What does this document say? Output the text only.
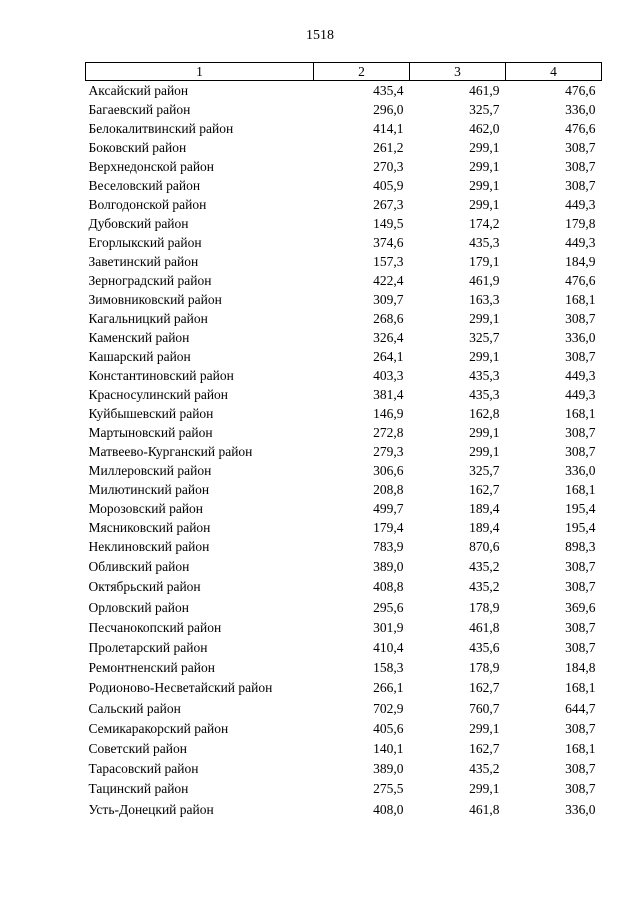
1518
1	2	3	4
Аксайский район	435,4	461,9	476,6
Багаевский район	296,0	325,7	336,0
Белокалитвинский район	414,1	462,0	476,6
Боковский район	261,2	299,1	308,7
Верхнедонской район	270,3	299,1	308,7
Веселовский район	405,9	299,1	308,7
Волгодонской район	267,3	299,1	449,3
Дубовский район	149,5	174,2	179,8
Егорлыкский район	374,6	435,3	449,3
Заветинский район	157,3	179,1	184,9
Зерноградский район	422,4	461,9	476,6
Зимовниковский район	309,7	163,3	168,1
Кагальницкий район	268,6	299,1	308,7
Каменский район	326,4	325,7	336,0
Кашарский район	264,1	299,1	308,7
Константиновский район	403,3	435,3	449,3
Красносулинский район	381,4	435,3	449,3
Куйбышевский район	146,9	162,8	168,1
Мартыновский район	272,8	299,1	308,7
Матвеево-Курганский район	279,3	299,1	308,7
Миллеровский район	306,6	325,7	336,0
Милютинский район	208,8	162,7	168,1
Морозовский район	499,7	189,4	195,4
Мясниковский район	179,4	189,4	195,4
Неклиновский район	783,9	870,6	898,3
Обливский район	389,0	435,2	308,7
Октябрьский район	408,8	435,2	308,7
Орловский район	295,6	178,9	369,6
Песчанокопский район	301,9	461,8	308,7
Пролетарский район	410,4	435,6	308,7
Ремонтненский район	158,3	178,9	184,8
Родионово-Несветайский район	266,1	162,7	168,1
Сальский район	702,9	760,7	644,7
Семикаракорский район	405,6	299,1	308,7
Советский район	140,1	162,7	168,1
Тарасовский район	389,0	435,2	308,7
Тацинский район	275,5	299,1	308,7
Усть-Донецкий район	408,0	461,8	336,0
